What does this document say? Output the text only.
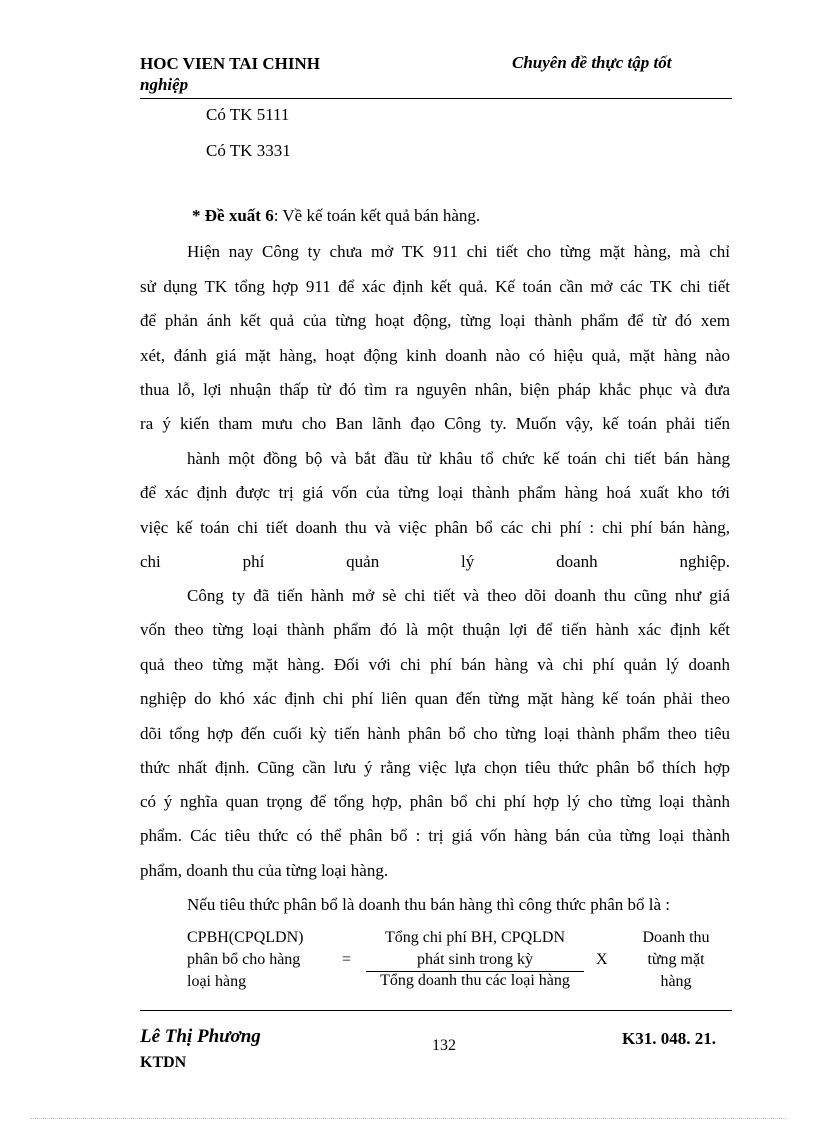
HOC VIEN TAI CHINH
nghiệp
Chuyên đề thực tập tốt
Có TK 5111
Có TK 3331
* Đề xuất 6: Về kế toán kết quả bán hàng.
Hiện nay Công ty chưa mở TK 911 chi tiết cho từng mặt hàng, mà chỉ
sử dụng TK tổng hợp 911 để xác định kết quả. Kế toán cần mở các TK chi tiết
để phản ánh kết quả của từng hoạt động, từng loại thành phẩm để từ đó xem
xét, đánh giá mặt hàng, hoạt động kinh doanh nào có hiệu quả, mặt hàng nào
thua lỗ, lợi nhuận thấp từ đó tìm ra nguyên nhân, biện pháp khắc phục và đưa
ra ý kiến tham mưu cho Ban lãnh đạo Công ty. Muốn vậy, kế toán phải tiến
hành một đồng bộ và bắt đầu từ khâu tổ chức kế toán chi tiết bán hàng
để xác định được trị giá vốn của từng loại thành phẩm hàng hoá xuất kho tới
việc kế toán chi tiết doanh thu và việc phân bổ các chi phí : chi phí bán hàng,
chi phí quản lý doanh nghiệp.
Công ty đã tiến hành mở sè chi tiết và theo dõi doanh thu cũng như giá
vốn theo từng loại thành phẩm đó là một thuận lợi để tiến hành xác định kết
quả theo từng mặt hàng. Đối với chi phí bán hàng và chi phí quản lý doanh
nghiệp do khó xác định chi phí liên quan đến từng mặt hàng kế toán phải theo
dõi tổng hợp đến cuối kỳ tiến hành phân bổ cho từng loại thành phẩm theo tiêu
thức nhất định. Cũng cần lưu ý rằng việc lựa chọn tiêu thức phân bổ thích hợp
có ý nghĩa quan trọng để tổng hợp, phân bổ chi phí hợp lý cho từng loại thành
phẩm. Các tiêu thức có thể phân bổ : trị giá vốn hàng bán của từng loại thành
phẩm, doanh thu của từng loại hàng.
Nếu tiêu thức phân bổ là doanh thu bán hàng thì công thức phân bổ là :
CPBH(CPQLDN)
phân bổ cho hàng
loại hàng
=
Tổng chi phí BH, CPQLDN
phát sinh trong kỳ
Tổng doanh thu các loại hàng
X
Doanh thu
từng mặt
hàng
Lê Thị Phương
KTDN
132	K31. 048. 21.
